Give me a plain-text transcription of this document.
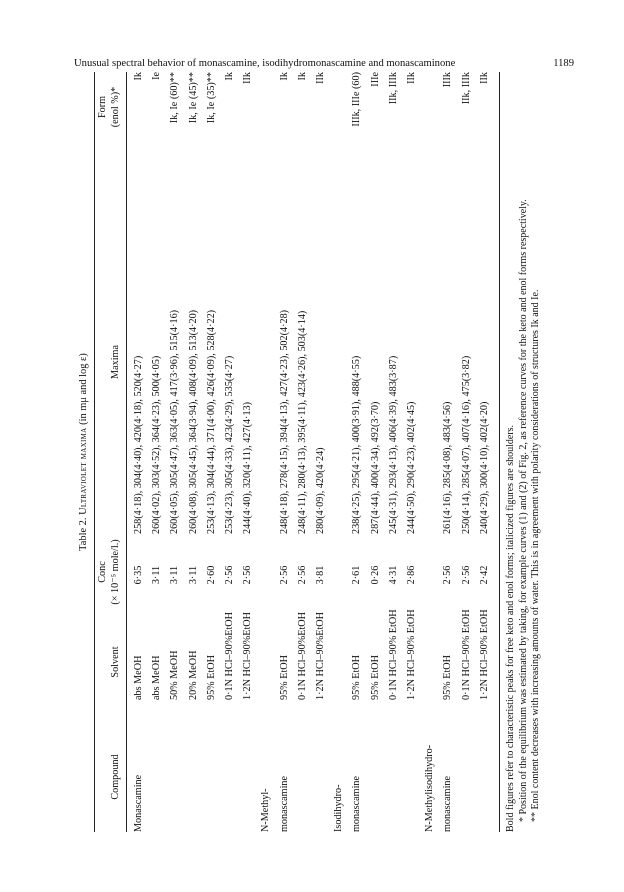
Unusual spectral behavior of monascamine, isodihydromonascamine and monascaminone	1189
Table 2. Ultraviolet maxima (in mμ and log ε)
Compound
Solvent
Conc (× 10⁻⁵ mole/l.)
Maxima
Form (enol %)*
Monascamine
abs MeOH
6·35
258(4·18), 304(4·40), 420(4·18), 520(4·27)
Ik
abs MeOH
3·11
260(4·02), 303(4·52), 364(4·23), 500(4·05)
Ie
50% MeOH
3·11
260(4·05), 305(4·47), 363(4·05), 417(3·96), 515(4·16)
Ik, Ie (60)**
20% MeOH
3·11
260(4·08), 305(4·45), 364(3·94), 408(4·09), 513(4·20)
Ik, Ie (45)**
95% EtOH
2·60
253(4·13), 304(4·44), 371(4·00), 426(4·09), 528(4·22)
Ik, Ie (35)**
0·1N HCl–90%EtOH
2·56
253(4·23), 305(4·33), 423(4·29), 535(4·27)
Ik
1·2N HCl–90%EtOH
2·56
244(4·40), 320(4·11), 427(4·13)
IIk
N-Methyl- monascamine
95% EtOH
2·56
248(4·18), 278(4·15), 394(4·13), 427(4·23), 502(4·28)
Ik
0·1N HCl–90%EtOH
2·56
248(4·11), 280(4·13), 395(4·11), 423(4·26), 503(4·14)
Ik
1·2N HCl–90%EtOH
3·81
280(4·09), 420(4·24)
IIk
Isodihydro- monascamine
95% EtOH
2·61
238(4·25), 295(4·21), 400(3·91), 488(4·55)
IIIk, IIIe (60)
95% EtOH
0·26
287(4·44), 400(4·34), 492(3·70)
IIIe
0·1N HCl–90% EtOH
4·31
245(4·31), 293(4·13), 406(4·39), 483(3·87)
IIk, IIIk
1·2N HCl–90% EtOH
2·86
244(4·50), 290(4·23), 402(4·45)
IIk
N-Methylisodihydro- monascamine
95% EtOH
2·56
261(4·16), 285(4·08), 483(4·56)
IIIk
0·1N HCl–90% EtOH
2·56
250(4·14), 285(4·07), 407(4·16), 475(3·82)
IIk, IIIk
1·2N HCl–90% EtOH
2·42
240(4·29), 300(4·10), 402(4·20)
IIk

Bold figures refer to characteristic peaks for free keto and enol forms; italicized figures are shoulders. * Position of the equilibrium was estimated by taking, for example curves (1) and (2) of Fig. 2, as reference curves for the keto and enol forms respectively. ** Enol content decreases with increasing amounts of water. This is in agreement with polarity considerations of structures Ik and Ie.
